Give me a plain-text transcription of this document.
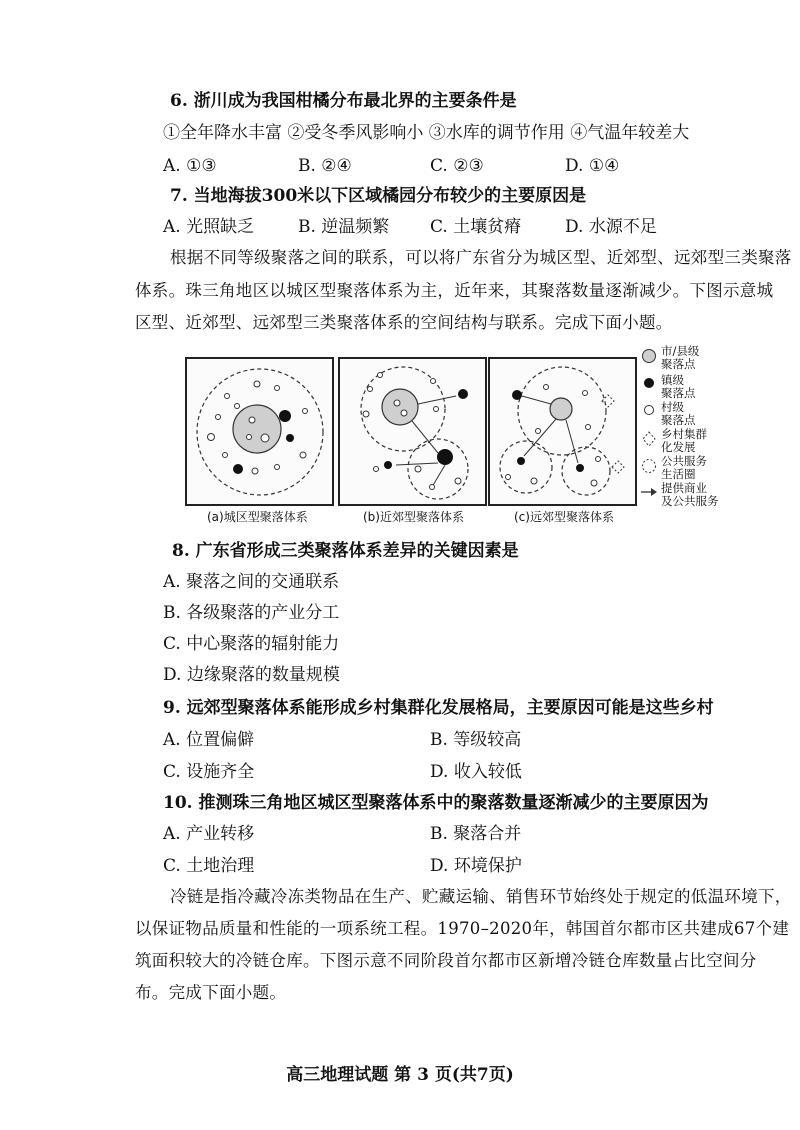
6. 浙川成为我国柑橘分布最北界的主要条件是
①全年降水丰富 ②受冬季风影响小 ③水库的调节作用 ④气温年较差大
A. ①③	B. ②④	C. ②③	D. ①④
7. 当地海拔300米以下区域橘园分布较少的主要原因是
A. 光照缺乏	B. 逆温频繁 C. 土壤贫瘠	D. 水源不足
根据不同等级聚落之间的联系，可以将广东省分为城区型、近郊型、远郊型三类聚落
体系。珠三角地区以城区型聚落体系为主，近年来，其聚落数量逐渐减少。下图示意城
区型、近郊型、远郊型三类聚落体系的空间结构与联系。完成下面小题。
(a)城区型聚落体系	(b)近郊型聚落体系	(c)远郊型聚落体系
市/县级
聚落点
镇级
聚落点
村级
聚落点
乡村集群
化发展
公共服务
生活圈
提供商业
及公共服务
8. 广东省形成三类聚落体系差异的关键因素是
A. 聚落之间的交通联系
B. 各级聚落的产业分工
C. 中心聚落的辐射能力
D. 边缘聚落的数量规模
9. 远郊型聚落体系能形成乡村集群化发展格局，主要原因可能是这些乡村
A. 位置偏僻	B. 等级较高
C. 设施齐全	D. 收入较低
10. 推测珠三角地区城区型聚落体系中的聚落数量逐渐减少的主要原因为
A. 产业转移	B. 聚落合并
C. 土地治理	D. 环境保护
冷链是指冷藏冷冻类物品在生产、贮藏运输、销售环节始终处于规定的低温环境下，
以保证物品质量和性能的一项系统工程。1970–2020年，韩国首尔都市区共建成67个建
筑面积较大的冷链仓库。下图示意不同阶段首尔都市区新增冷链仓库数量占比空间分
布。完成下面小题。
高三地理试题 第 3 页(共7页)
